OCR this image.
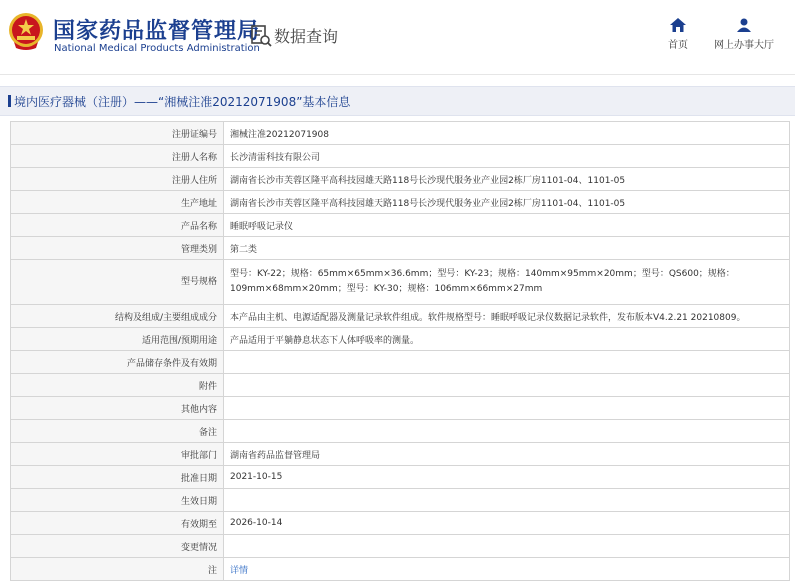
国家药品监督管理局
National Medical Products Administration
数据查询	首页	网上办事大厅
境内医疗器械（注册）——“湘械注准20212071908”基本信息
注册证编号	湘械注准20212071908
注册人名称	长沙清雷科技有限公司
注册人住所	湖南省长沙市芙蓉区隆平高科技园雄天路118号长沙现代服务业产业园2栋厂房1101-04、1101-05
生产地址	湖南省长沙市芙蓉区隆平高科技园雄天路118号长沙现代服务业产业园2栋厂房1101-04、1101-05
产品名称	睡眠呼吸记录仪
管理类别	第二类
型号规格	型号：KY-22；规格：65mm×65mm×36.6mm；型号：KY-23；规格：140mm×95mm×20mm；型号：QS600；规格：109mm×68mm×20mm；型号：KY-30；规格：106mm×66mm×27mm
结构及组成/主要组成成分	本产品由主机、电源适配器及测量记录软件组成。软件规格型号：睡眠呼吸记录仪数据记录软件，发布版本V4.2.21 20210809。
适用范围/预期用途	产品适用于平躺静息状态下人体呼吸率的测量。
产品储存条件及有效期	
附件	
其他内容	
备注	
审批部门	湖南省药品监督管理局
批准日期	2021-10-15
生效日期	
有效期至	2026-10-14
变更情况	
注	详情
